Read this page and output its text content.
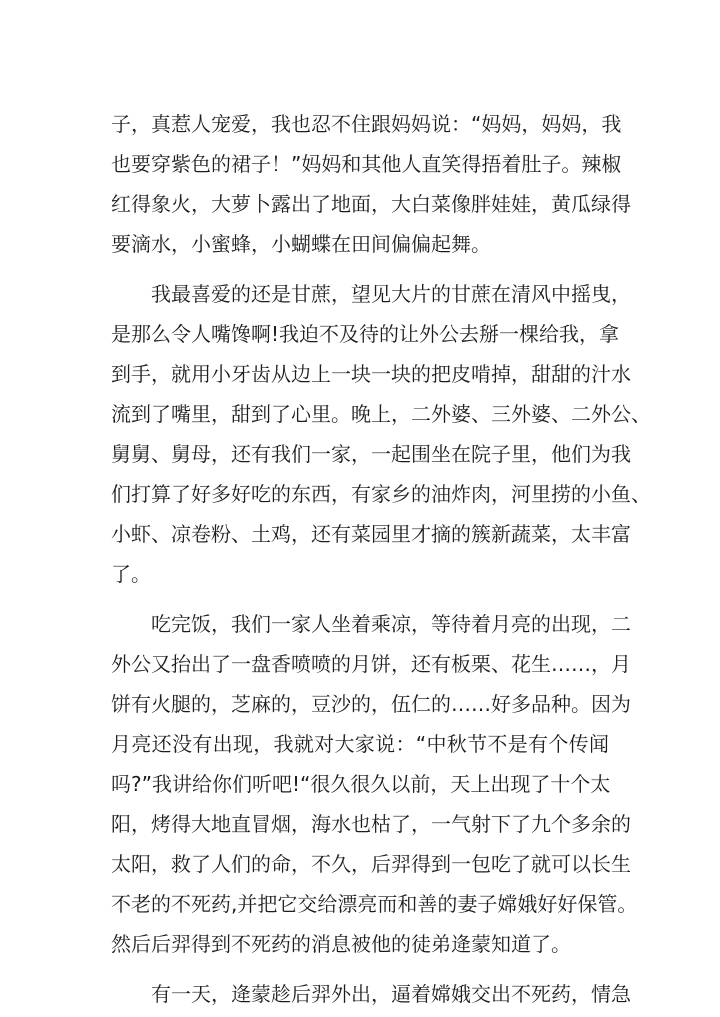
子，真惹人宠爱，我也忍不住跟妈妈说：“妈妈，妈妈，我
也要穿紫色的裙子！”妈妈和其他人直笑得捂着肚子。辣椒
红得象火，大萝卜露出了地面，大白菜像胖娃娃，黄瓜绿得
要滴水，小蜜蜂，小蝴蝶在田间偏偏起舞。
我最喜爱的还是甘蔗，望见大片的甘蔗在清风中摇曳，
是那么令人嘴馋啊!我迫不及待的让外公去掰一棵给我，拿
到手，就用小牙齿从边上一块一块的把皮啃掉，甜甜的汁水
流到了嘴里，甜到了心里。晚上，二外婆、三外婆、二外公、
舅舅、舅母，还有我们一家，一起围坐在院子里，他们为我
们打算了好多好吃的东西，有家乡的油炸肉，河里捞的小鱼、
小虾、凉卷粉、土鸡，还有菜园里才摘的簇新蔬菜，太丰富
了。
吃完饭，我们一家人坐着乘凉，等待着月亮的出现，二
外公又抬出了一盘香喷喷的月饼，还有板栗、花生……，月
饼有火腿的，芝麻的，豆沙的，伍仁的……好多品种。因为
月亮还没有出现，我就对大家说：“中秋节不是有个传闻
吗?”我讲给你们听吧!“很久很久以前，天上出现了十个太
阳，烤得大地直冒烟，海水也枯了，一气射下了九个多余的
太阳，救了人们的命，不久，后羿得到一包吃了就可以长生
不老的不死药,并把它交给漂亮而和善的妻子嫦娥好好保管。
然后后羿得到不死药的消息被他的徒弟逄蒙知道了。
有一天，逄蒙趁后羿外出，逼着嫦娥交出不死药，情急
